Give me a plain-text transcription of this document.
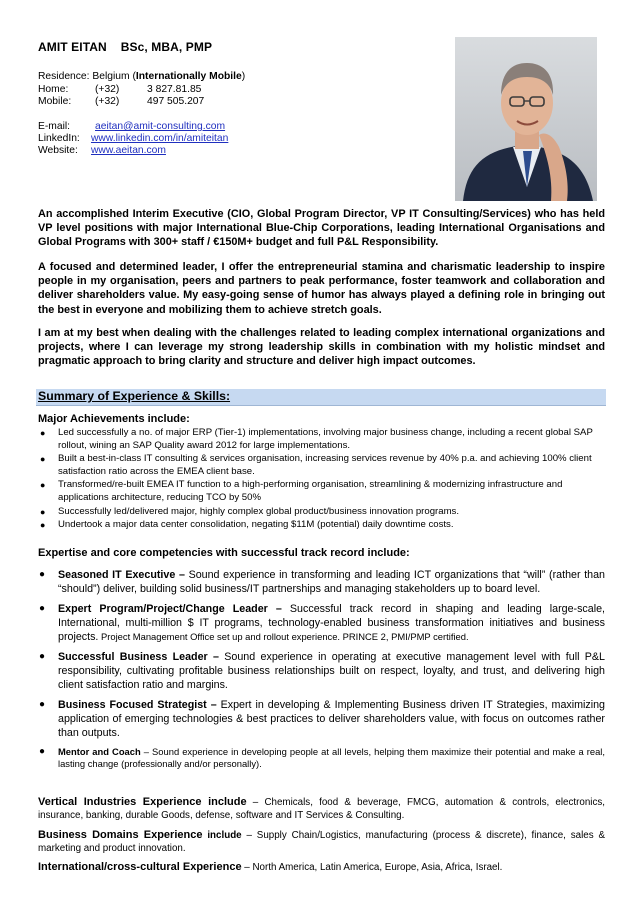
AMIT EITAN BSc, MBA, PMP
Residence: Belgium (Internationally Mobile)
Home:	(+32)	3 827.81.85
Mobile: (+32)	497 505.207
E-mail: aeitan@amit-consulting.com
LinkedIn: www.linkedin.com/in/amiteitan
Website: www.aeitan.com
An accomplished Interim Executive (CIO, Global Program Director, VP IT Consulting/Services) who has held VP level positions with major International Blue-Chip Corporations, leading International Organisations and Global Programs with 300+ staff / €150M+ budget and full P&L Responsibility.
A focused and determined leader, I offer the entrepreneurial stamina and charismatic leadership to inspire people in my organisation, peers and partners to peak performance, foster teamwork and collaboration and deliver shareholders value. My easy-going sense of humor has always played a defining role in bringing out the best in everyone and mobilizing them to achieve stretch goals.
I am at my best when dealing with the challenges related to leading complex international organizations and projects, where I can leverage my strong leadership skills in combination with my holistic mindset and pragmatic approach to bring clarity and structure and deliver high impact outcomes.
Summary of Experience & Skills:
Major Achievements include:
● Led successfully a no. of major ERP (Tier-1) implementations, involving major business change, including a recent global SAP rollout, wining an SAP Quality award 2012 for large implementations.
● Built a best-in-class IT consulting & services organisation, increasing services revenue by 40% p.a. and achieving 100% client satisfaction ratio across the EMEA client base.
● Transformed/re-built EMEA IT function to a high-performing organisation, streamlining & modernizing infrastructure and applications architecture, reducing TCO by 50%
● Successfully led/delivered major, highly complex global product/business innovation programs.
● Undertook a major data center consolidation, negating $11M (potential) daily downtime costs.
Expertise and core competencies with successful track record include:
● Seasoned IT Executive – Sound experience in transforming and leading ICT organizations that “will” (rather than “should”) deliver, building solid business/IT partnerships and managing stakeholders up to board level.
● Expert Program/Project/Change Leader – Successful track record in shaping and leading large-scale, International, multi-million $ IT programs, technology-enabled business transformation initiatives and business projects. Project Management Office set up and rollout experience. PRINCE 2, PMI/PMP certified.
● Successful Business Leader – Sound experience in operating at executive management level with full P&L responsibility, cultivating profitable business relationships built on respect, loyalty, and trust, and delivering high client satisfaction ratio and margins.
● Business Focused Strategist – Expert in developing & Implementing Business driven IT Strategies, maximizing application of emerging technologies & best practices to deliver shareholders value, with focus on outcomes rather than outputs.
● Mentor and Coach – Sound experience in developing people at all levels, helping them maximize their potential and make a real, lasting change (professionally and/or personally).
Vertical Industries Experience include – Chemicals, food & beverage, FMCG, automation & controls, electronics, insurance, banking, durable Goods, defense, software and IT Services & Consulting.
Business Domains Experience include – Supply Chain/Logistics, manufacturing (process & discrete), finance, sales & marketing and product innovation.
International/cross-cultural Experience – North America, Latin America, Europe, Asia, Africa, Israel.
